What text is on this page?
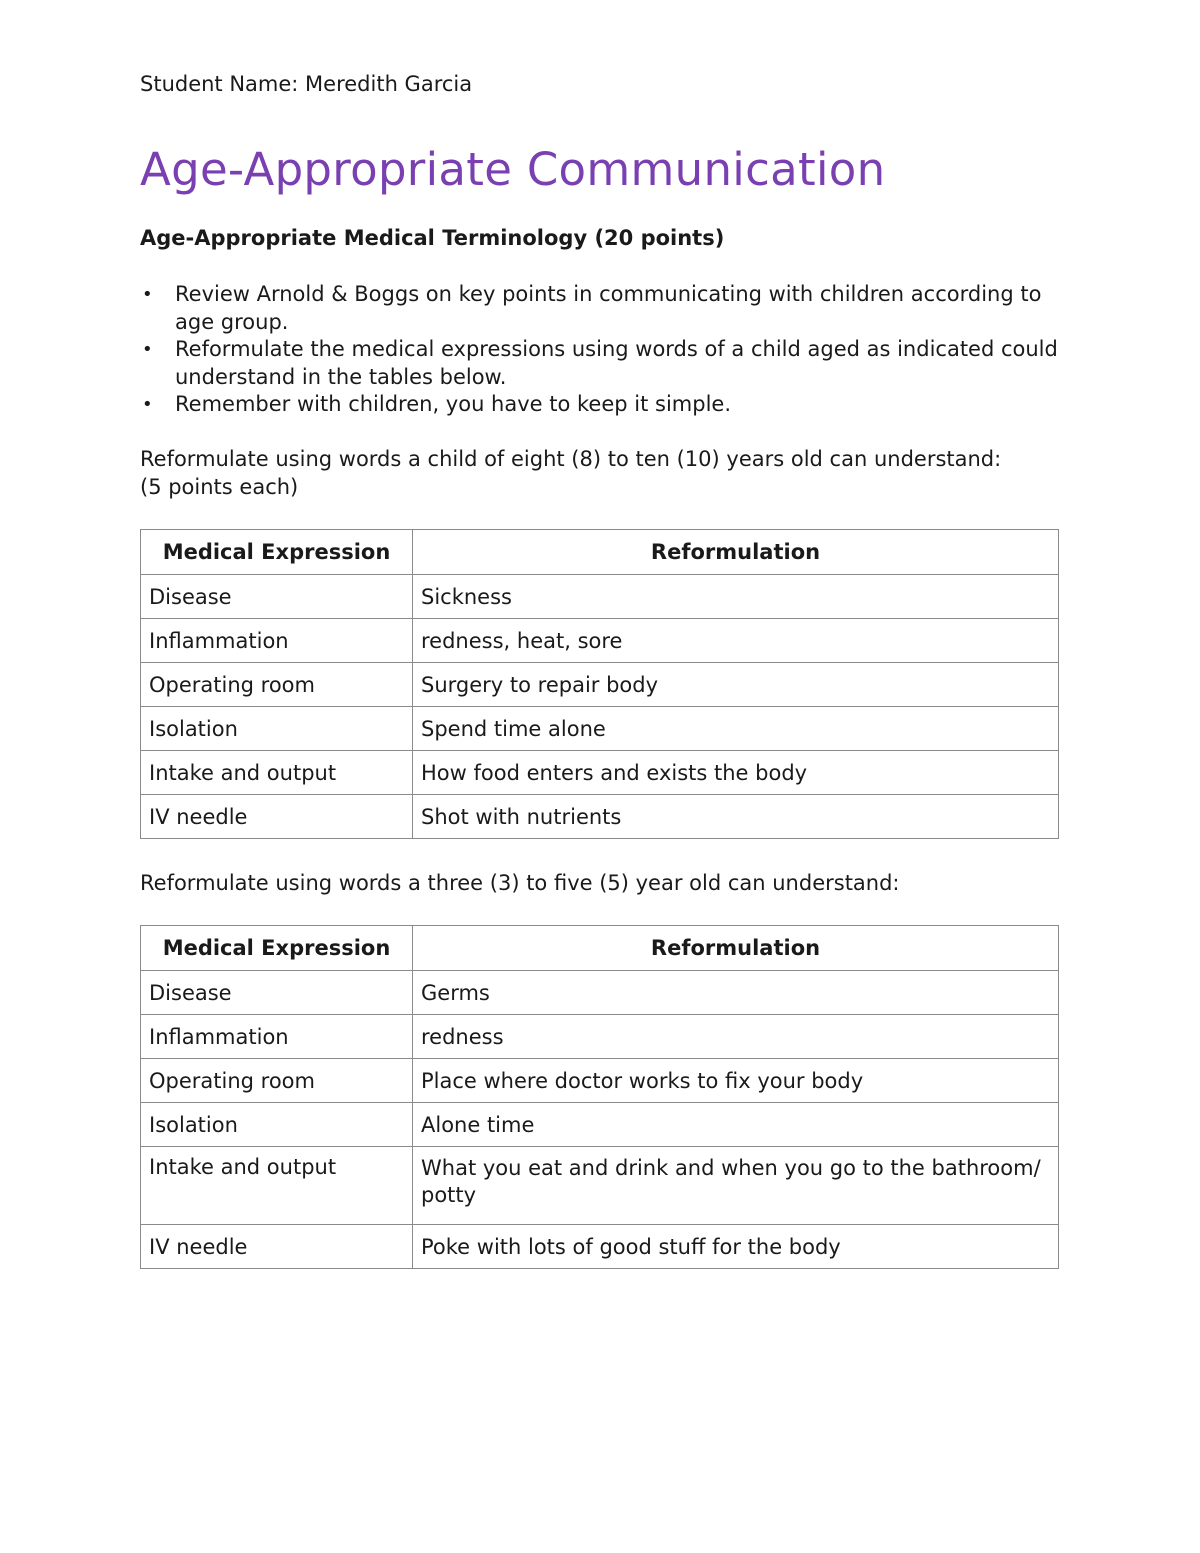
Student Name: Meredith Garcia
Age-Appropriate Communication
Age-Appropriate Medical Terminology (20 points)
• Review Arnold & Boggs on key points in communicating with children according to age group.
• Reformulate the medical expressions using words of a child aged as indicated could understand in the tables below.
• Remember with children, you have to keep it simple.
Reformulate using words a child of eight (8) to ten (10) years old can understand:
(5 points each)
Medical Expression	Reformulation
Disease	Sickness
Inflammation	redness, heat, sore
Operating room	Surgery to repair body
Isolation	Spend time alone
Intake and output	How food enters and exists the body
IV needle	Shot with nutrients
Reformulate using words a three (3) to five (5) year old can understand:
Medical Expression	Reformulation
Disease	Germs
Inflammation	redness
Operating room	Place where doctor works to fix your body
Isolation	Alone time
Intake and output	What you eat and drink and when you go to the bathroom/ potty
IV needle	Poke with lots of good stuff for the body
